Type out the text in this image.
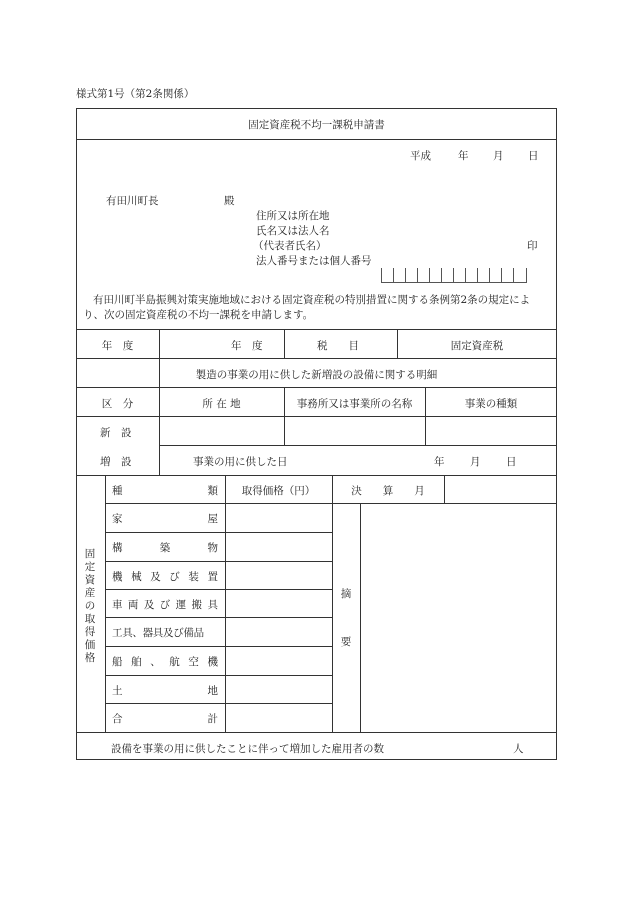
様式第1号（第2条関係）
固定資産税不均一課税申請書
平成	年 月 日
有田川町長	殿
住所又は所在地
氏名又は法人名
（代表者氏名）	印
法人番号または個人番号
有田川町半島振興対策実施地域における固定資産税の特別措置に関する条例第2条の規定により、次の固定資産税の不均一課税を申請します。
年　度	年　度	税　　目	固定資産税
製造の事業の用に供した新増設の設備に関する明細
区　分	所 在 地	事務所又は事業所の名称	事業の種類
新　設
増　設	事業の用に供した日	年 月 日
固定資産の取得価格
種	類	取得価格（円）	決　　算　　月
摘
要
家	屋
構	築	物
機 械 及 び 装 置
車 両 及 び 運 搬 具
工具、器具及び備品
船 舶 、 航 空 機
土	地
合	計
設備を事業の用に供したことに伴って増加した雇用者の数	人
